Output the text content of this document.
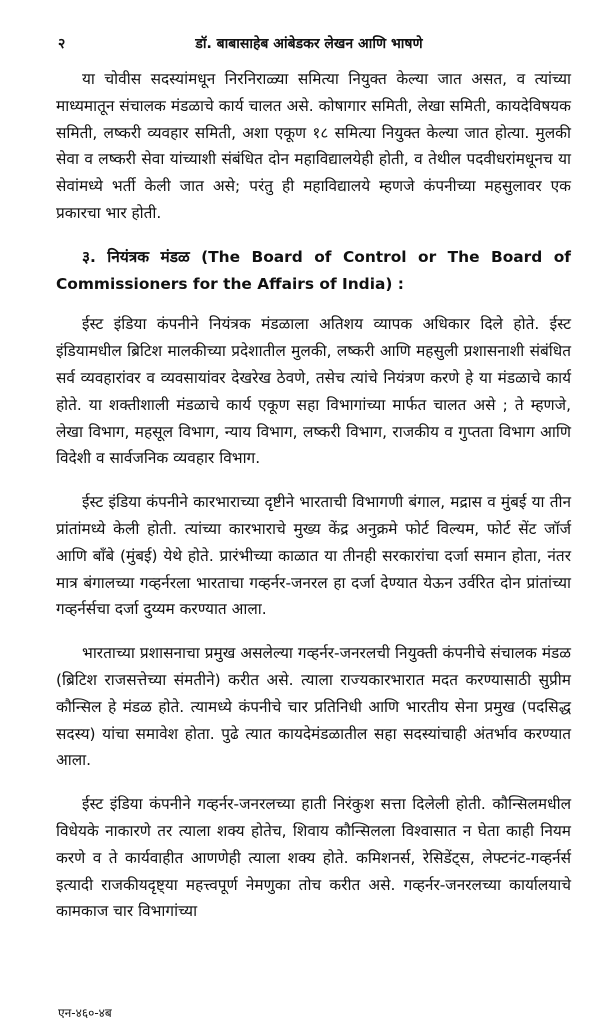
२	डॉ. बाबासाहेब आंबेडकर लेखन आणि भाषणे

या चोवीस सदस्यांमधून निरनिराळ्या समित्या नियुक्त केल्या जात असत, व त्यांच्या माध्यमातून संचालक मंडळाचे कार्य चालत असे. कोषागार समिती, लेखा समिती, कायदेविषयक समिती, लष्करी व्यवहार समिती, अशा एकूण १८ समित्या नियुक्त केल्या जात होत्या. मुलकी सेवा व लष्करी सेवा यांच्याशी संबंधित दोन महाविद्यालयेही होती, व तेथील पदवीधरांमधूनच या सेवांमध्ये भर्ती केली जात असे; परंतु ही महाविद्यालये म्हणजे कंपनीच्या महसुलावर एक प्रकारचा भार होती.

३. नियंत्रक मंडळ (The Board of Control or The Board of Commissioners for the Affairs of India) :

ईस्ट इंडिया कंपनीने नियंत्रक मंडळाला अतिशय व्यापक अधिकार दिले होते. ईस्ट इंडियामधील ब्रिटिश मालकीच्या प्रदेशातील मुलकी, लष्करी आणि महसुली प्रशासनाशी संबंधित सर्व व्यवहारांवर व व्यवसायांवर देखरेख ठेवणे, तसेच त्यांचे नियंत्रण करणे हे या मंडळाचे कार्य होते. या शक्तीशाली मंडळाचे कार्य एकूण सहा विभागांच्या मार्फत चालत असे ; ते म्हणजे, लेखा विभाग, महसूल विभाग, न्याय विभाग, लष्करी विभाग, राजकीय व गुप्तता विभाग आणि विदेशी व सार्वजनिक व्यवहार विभाग.

ईस्ट इंडिया कंपनीने कारभाराच्या दृष्टीने भारताची विभागणी बंगाल, मद्रास व मुंबई या तीन प्रांतांमध्ये केली होती. त्यांच्या कारभाराचे मुख्य केंद्र अनुक्रमे फोर्ट विल्यम, फोर्ट सेंट जॉर्ज आणि बाँबे (मुंबई) येथे होते. प्रारंभीच्या काळात या तीनही सरकारांचा दर्जा समान होता, नंतर मात्र बंगालच्या गव्हर्नरला भारताचा गव्हर्नर-जनरल हा दर्जा देण्यात येऊन उर्वरित दोन प्रांतांच्या गव्हर्नर्सचा दर्जा दुय्यम करण्यात आला.

भारताच्या प्रशासनाचा प्रमुख असलेल्या गव्हर्नर-जनरलची नियुक्ती कंपनीचे संचालक मंडळ (ब्रिटिश राजसत्तेच्या संमतीने) करीत असे. त्याला राज्यकारभारात मदत करण्यासाठी सुप्रीम कौन्सिल हे मंडळ होते. त्यामध्ये कंपनीचे चार प्रतिनिधी आणि भारतीय सेना प्रमुख (पदसिद्ध सदस्य) यांचा समावेश होता. पुढे त्यात कायदेमंडळातील सहा सदस्यांचाही अंतर्भाव करण्यात आला.

ईस्ट इंडिया कंपनीने गव्हर्नर-जनरलच्या हाती निरंकुश सत्ता दिलेली होती. कौन्सिलमधील विधेयके नाकारणे तर त्याला शक्य होतेच, शिवाय कौन्सिलला विश्वासात न घेता काही नियम करणे व ते कार्यवाहीत आणणेही त्याला शक्य होते. कमिशनर्स, रेसिडेंट्स, लेफ्टनंट-गव्हर्नर्स इत्यादी राजकीयदृष्ट्या महत्त्वपूर्ण नेमणुका तोच करीत असे. गव्हर्नर-जनरलच्या कार्यालयाचे कामकाज चार विभागांच्या

एन-४६०-४ब
